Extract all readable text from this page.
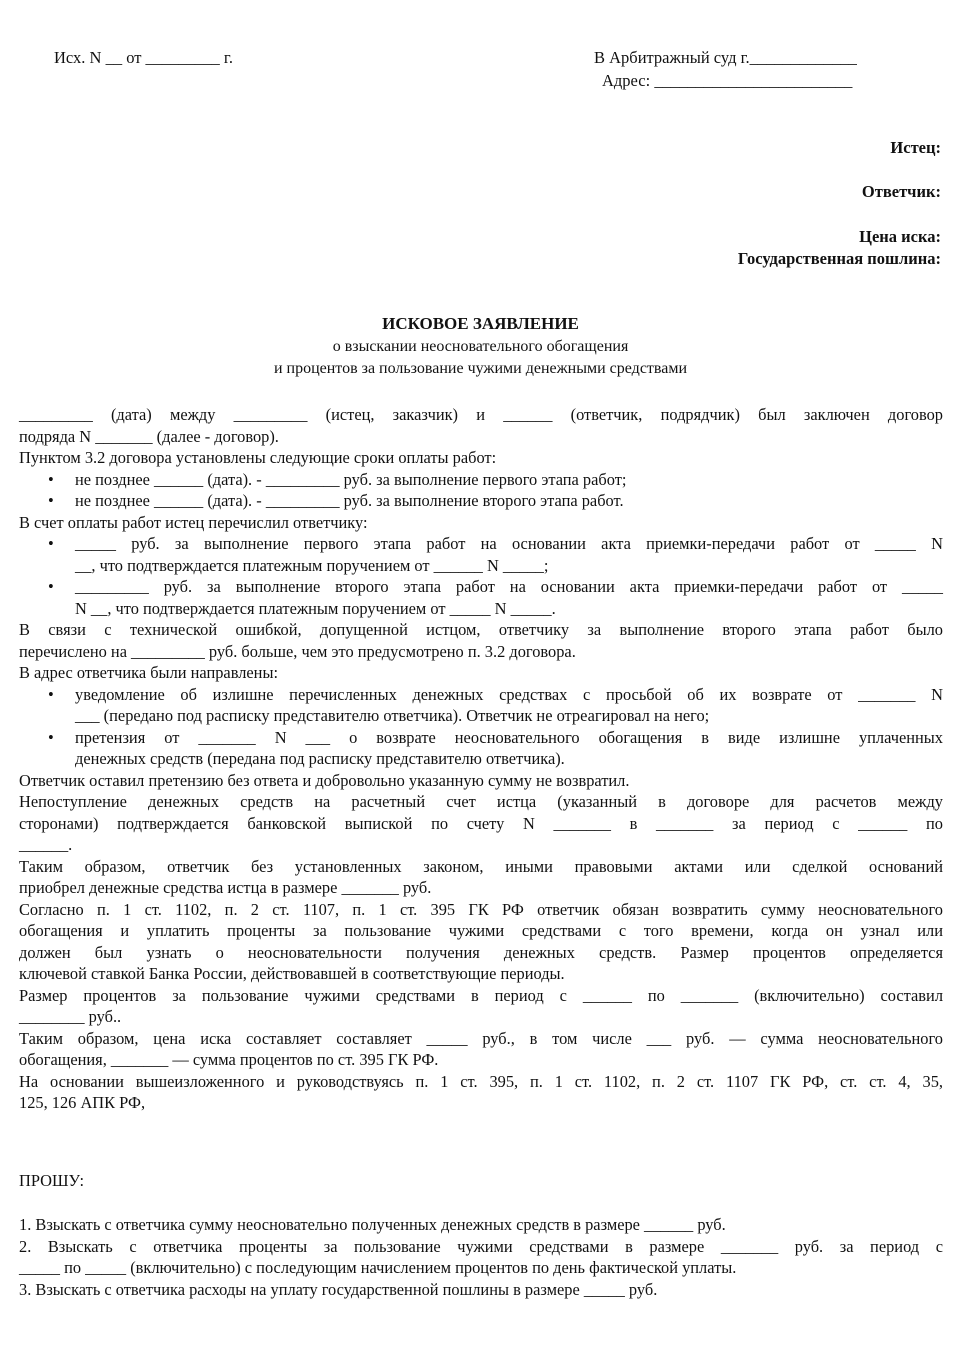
Исх. N __ от _________ г.	В Арбитражный суд г._____________
Адрес: ________________________
Истец:
Ответчик:
Цена иска:
Государственная пошлина:
ИСКОВОЕ ЗАЯВЛЕНИЕ
о взыскании неосновательного обогащения
и процентов за пользование чужими денежными средствами
_________ (дата) между _________ (истец, заказчик) и ______ (ответчик, подрядчик) был заключен договор
подряда N _______ (далее - договор).
Пунктом 3.2 договора установлены следующие сроки оплаты работ:
• не позднее ______ (дата). - _________ руб. за выполнение первого этапа работ;
• не позднее ______ (дата). - _________ руб. за выполнение второго этапа работ.
В счет оплаты работ истец перечислил ответчику:
• _____ руб. за выполнение первого этапа работ на основании акта приемки-передачи работ от _____ N
__, что подтверждается платежным поручением от ______ N _____;
• _________ руб. за выполнение второго этапа работ на основании акта приемки-передачи работ от _____
N __, что подтверждается платежным поручением от _____ N _____.
В связи с технической ошибкой, допущенной истцом, ответчику за выполнение второго этапа работ было
перечислено на _________ руб. больше, чем это предусмотрено п. 3.2 договора.
В адрес ответчика были направлены:
• уведомление об излишне перечисленных денежных средствах с просьбой об их возврате от _______ N
___ (передано под расписку представителю ответчика). Ответчик не отреагировал на него;
• претензия от _______ N ___ о возврате неосновательного обогащения в виде излишне уплаченных
денежных средств (передана под расписку представителю ответчика).
Ответчик оставил претензию без ответа и добровольно указанную сумму не возвратил.
Непоступление денежных средств на расчетный счет истца (указанный в договоре для расчетов между
сторонами) подтверждается банковской выпиской по счету N _______ в _______ за период с ______ по
______.
Таким образом, ответчик без установленных законом, иными правовыми актами или сделкой оснований
приобрел денежные средства истца в размере _______ руб.
Согласно п. 1 ст. 1102, п. 2 ст. 1107, п. 1 ст. 395 ГК РФ ответчик обязан возвратить сумму неосновательного
обогащения и уплатить проценты за пользование чужими средствами с того времени, когда он узнал или
должен был узнать о неосновательности получения денежных средств. Размер процентов определяется
ключевой ставкой Банка России, действовавшей в соответствующие периоды.
Размер процентов за пользование чужими средствами в период с ______ по _______ (включительно) составил
________ руб..
Таким образом, цена иска составляет составляет _____ руб., в том числе ___ руб. — сумма неосновательного
обогащения, _______ — сумма процентов по ст. 395 ГК РФ.
На основании вышеизложенного и руководствуясь п. 1 ст. 395, п. 1 ст. 1102, п. 2 ст. 1107 ГК РФ, ст. ст. 4, 35,
125, 126 АПК РФ,
ПРОШУ:
1. Взыскать с ответчика сумму неосновательно полученных денежных средств в размере ______ руб.
2. Взыскать с ответчика проценты за пользование чужими средствами в размере _______ руб. за период с
_____ по _____ (включительно) с последующим начислением процентов по день фактической уплаты.
3. Взыскать с ответчика расходы на уплату государственной пошлины в размере _____ руб.
